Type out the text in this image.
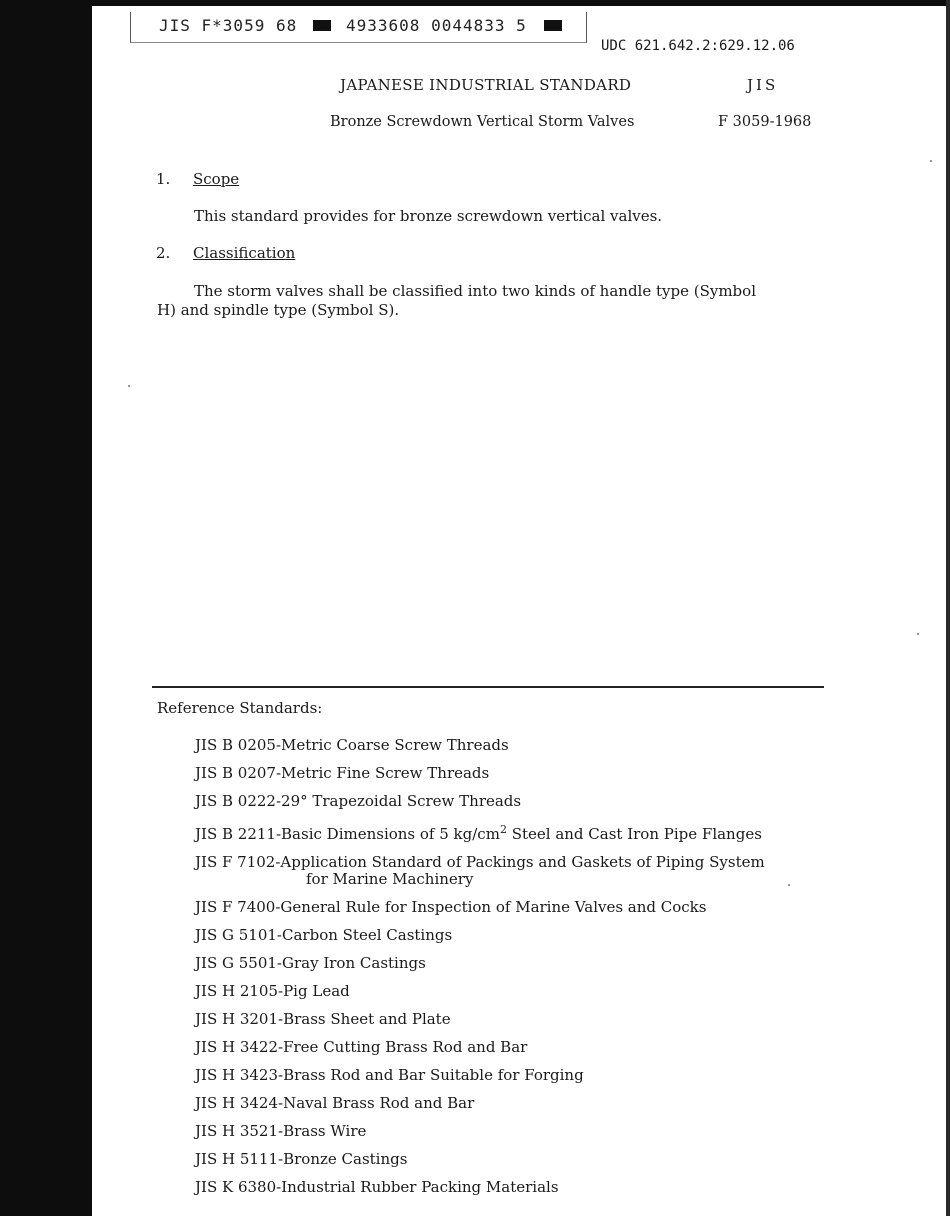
JIS F*3059 68	4933608 0044833 5
UDC 621.642.2:629.12.06
JAPANESE INDUSTRIAL STANDARD	JIS
Bronze Screwdown Vertical Storm Valves	F 3059-1968
1. Scope
This standard provides for bronze screwdown vertical valves.
2. Classification
The storm valves shall be classified into two kinds of handle type (Symbol
H) and spindle type (Symbol S).
Reference Standards:
JIS B 0205-Metric Coarse Screw Threads
JIS B 0207-Metric Fine Screw Threads
JIS B 0222-29° Trapezoidal Screw Threads
JIS B 2211-Basic Dimensions of 5 $kg/cm^2$ Steel and Cast Iron Pipe Flanges
JIS F 7102-Application Standard of Packings and Gaskets of Piping System
for Marine Machinery
JIS F 7400-General Rule for Inspection of Marine Valves and Cocks
JIS G 5101-Carbon Steel Castings
JIS G 5501-Gray Iron Castings
JIS H 2105-Pig Lead
JIS H 3201-Brass Sheet and Plate
JIS H 3422-Free Cutting Brass Rod and Bar
JIS H 3423-Brass Rod and Bar Suitable for Forging
JIS H 3424-Naval Brass Rod and Bar
JIS H 3521-Brass Wire
JIS H 5111-Bronze Castings
JIS K 6380-Industrial Rubber Packing Materials
